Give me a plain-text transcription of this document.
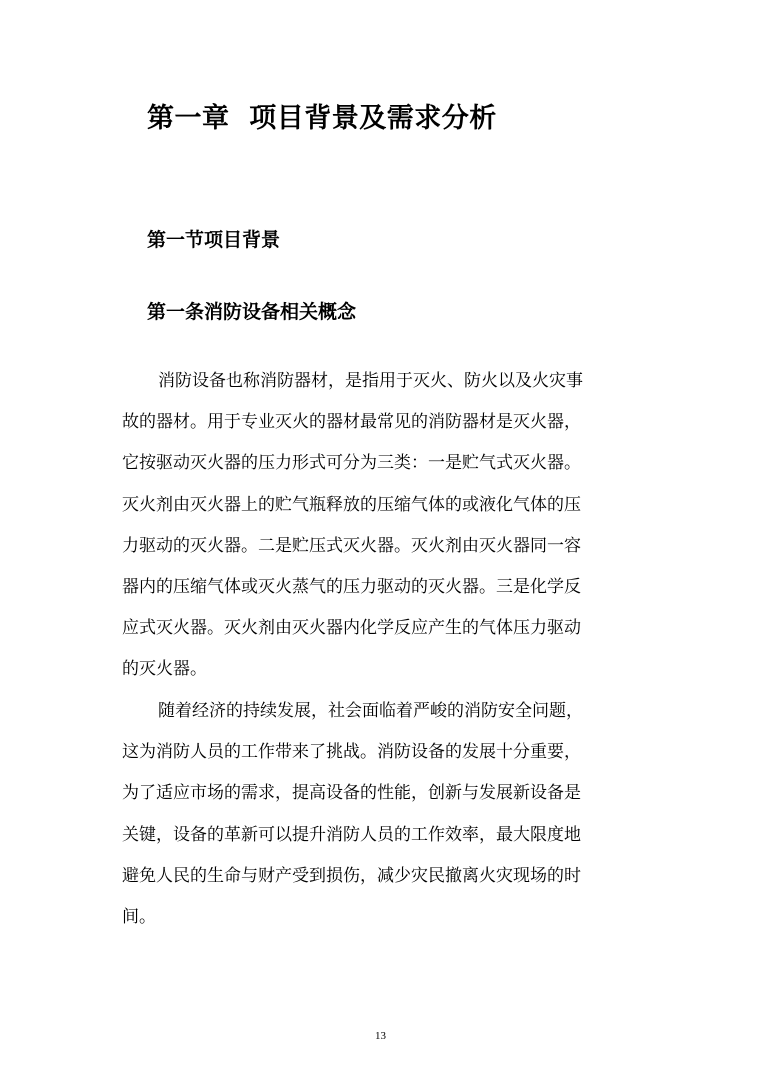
第一章  项目背景及需求分析
第一节项目背景
第一条消防设备相关概念
消防设备也称消防器材，是指用于灭火、防火以及火灾事
故的器材。用于专业灭火的器材最常见的消防器材是灭火器，
它按驱动灭火器的压力形式可分为三类：一是贮气式灭火器。
灭火剂由灭火器上的贮气瓶释放的压缩气体的或液化气体的压
力驱动的灭火器。二是贮压式灭火器。灭火剂由灭火器同一容
器内的压缩气体或灭火蒸气的压力驱动的灭火器。三是化学反
应式灭火器。灭火剂由灭火器内化学反应产生的气体压力驱动
的灭火器。
随着经济的持续发展，社会面临着严峻的消防安全问题，
这为消防人员的工作带来了挑战。消防设备的发展十分重要，
为了适应市场的需求，提高设备的性能，创新与发展新设备是
关键，设备的革新可以提升消防人员的工作效率，最大限度地
避免人民的生命与财产受到损伤，减少灾民撤离火灾现场的时
间。
13
